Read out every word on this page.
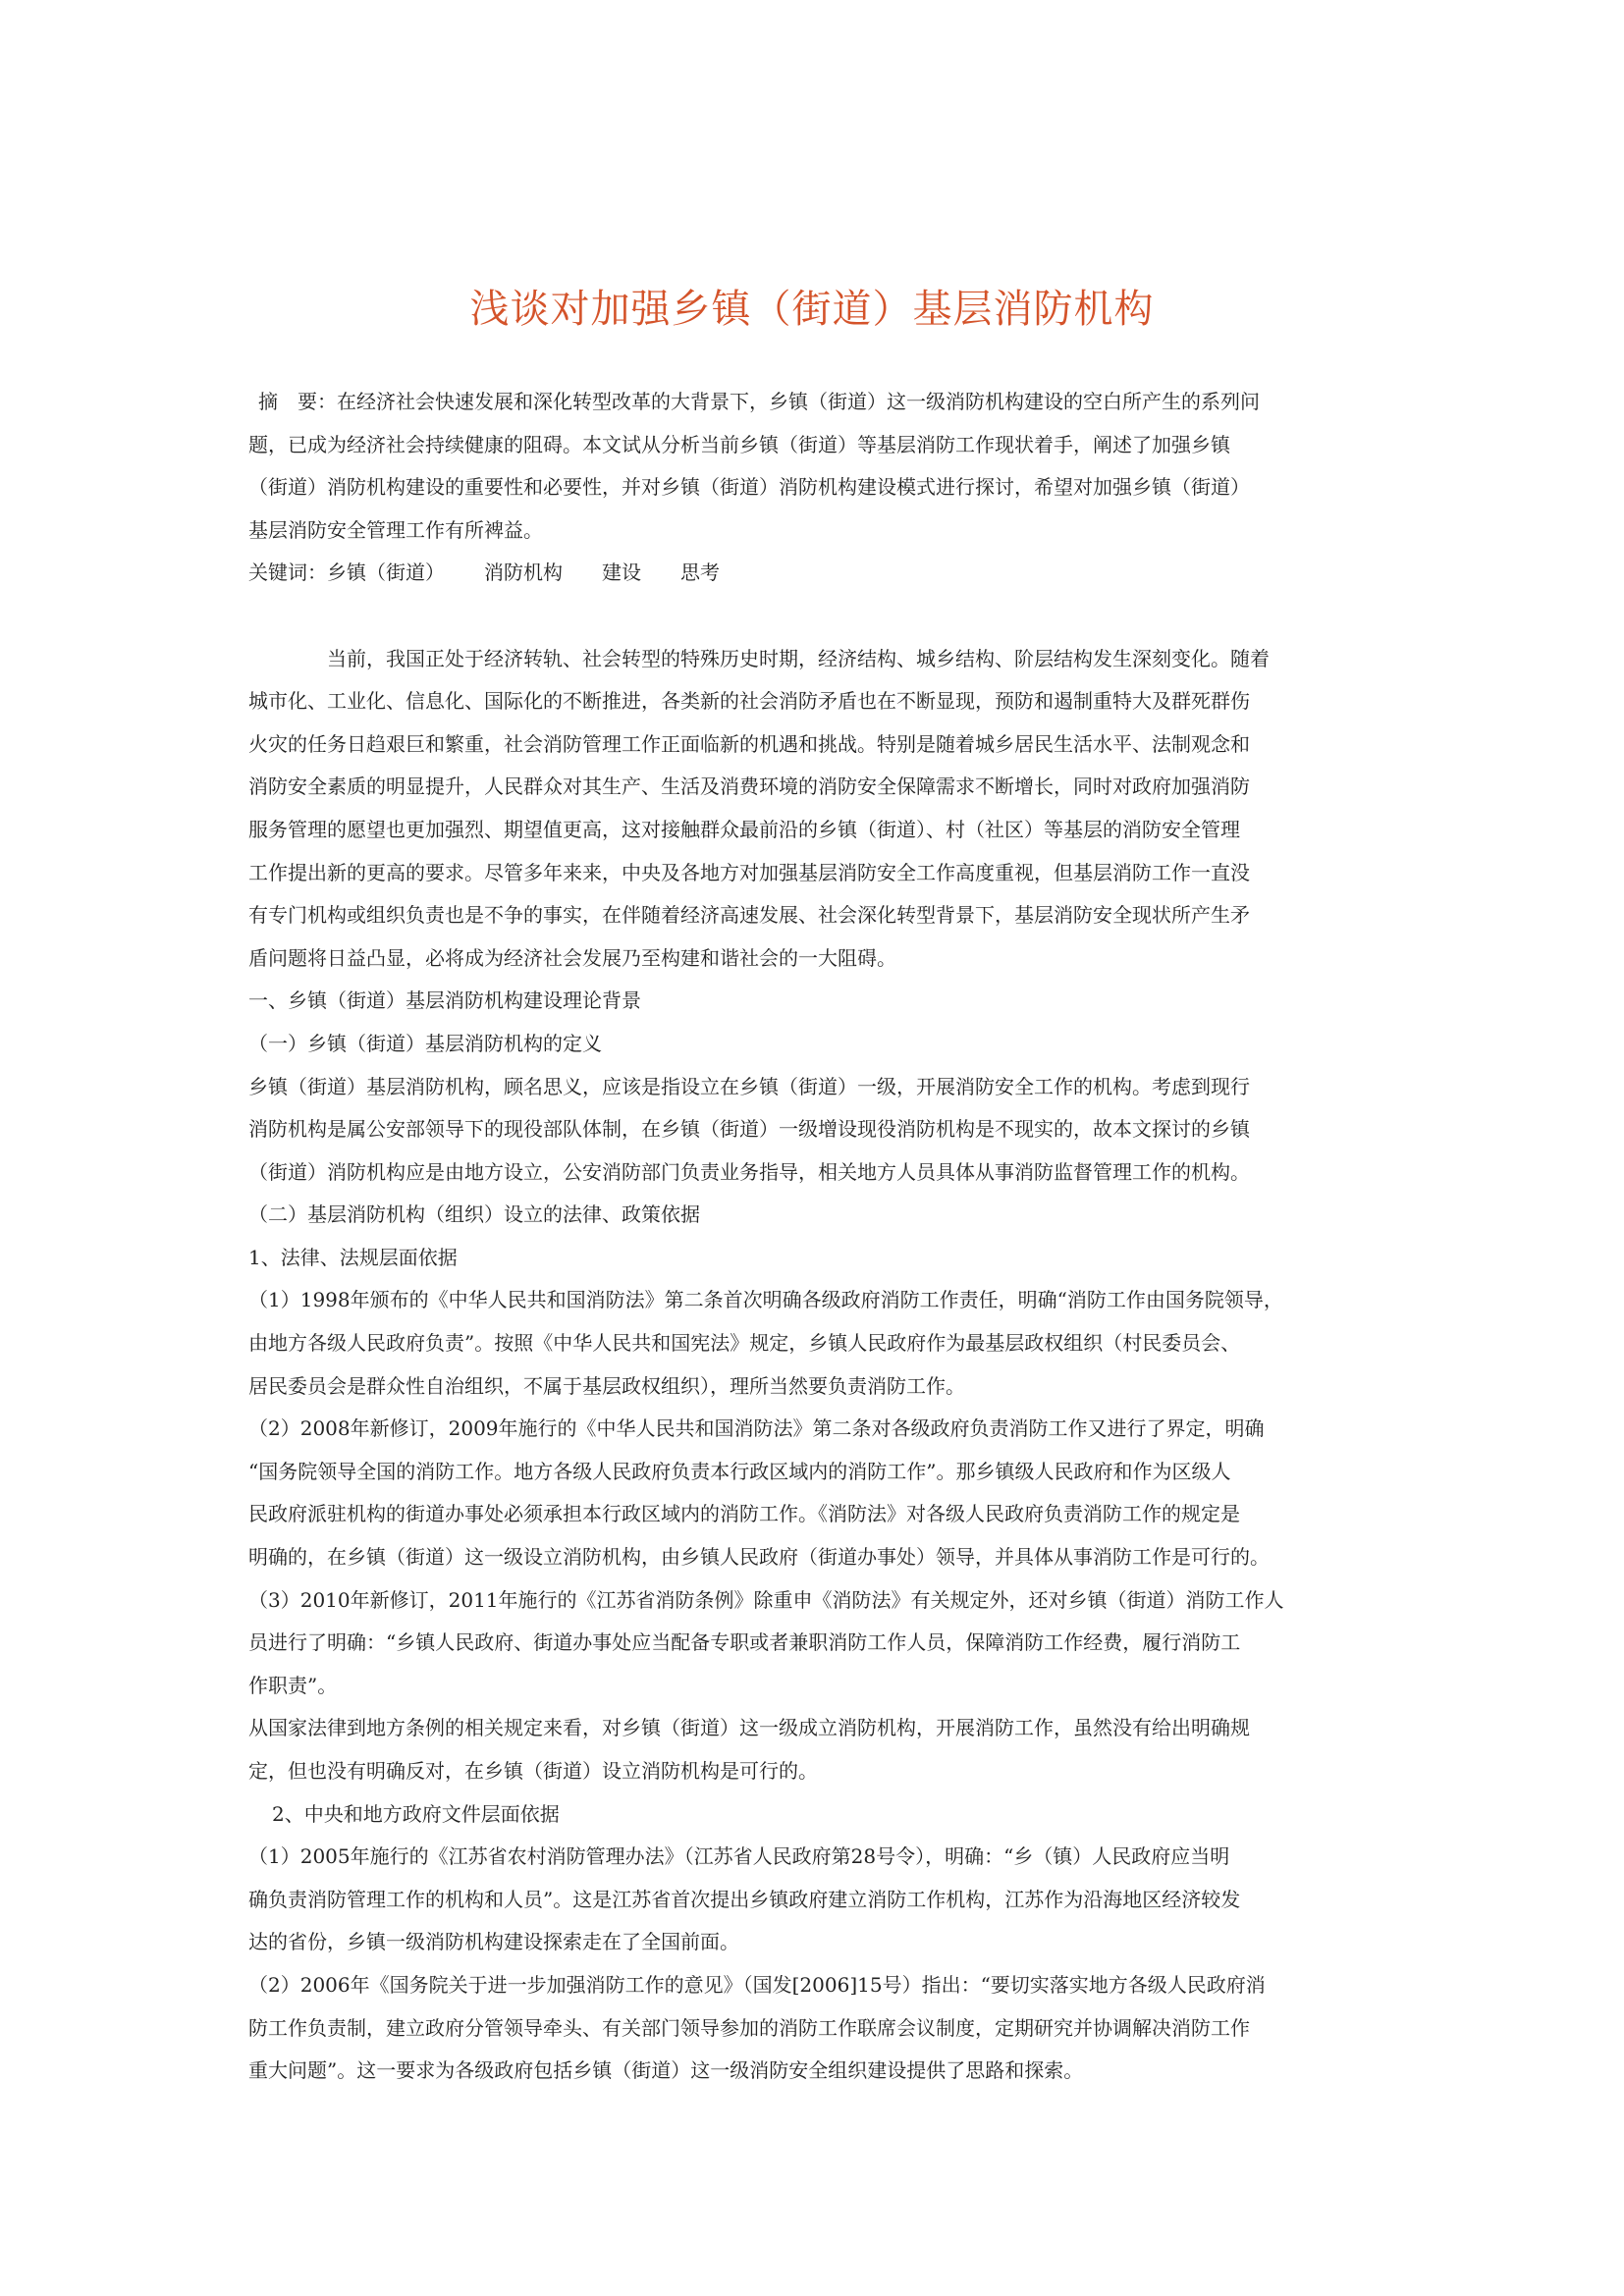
浅谈对加强乡镇（街道）基层消防机构
摘　要：在经济社会快速发展和深化转型改革的大背景下，乡镇（街道）这一级消防机构建设的空白所产生的系列问
题，已成为经济社会持续健康的阻碍。本文试从分析当前乡镇（街道）等基层消防工作现状着手，阐述了加强乡镇
（街道）消防机构建设的重要性和必要性，并对乡镇（街道）消防机构建设模式进行探讨，希望对加强乡镇（街道）
基层消防安全管理工作有所裨益。
关键词：乡镇（街道） 消防机构 建设 思考
当前，我国正处于经济转轨、社会转型的特殊历史时期，经济结构、城乡结构、阶层结构发生深刻变化。随着
城市化、工业化、信息化、国际化的不断推进，各类新的社会消防矛盾也在不断显现，预防和遏制重特大及群死群伤
火灾的任务日趋艰巨和繁重，社会消防管理工作正面临新的机遇和挑战。特别是随着城乡居民生活水平、法制观念和
消防安全素质的明显提升，人民群众对其生产、生活及消费环境的消防安全保障需求不断增长，同时对政府加强消防
服务管理的愿望也更加强烈、期望值更高，这对接触群众最前沿的乡镇（街道）、村（社区）等基层的消防安全管理
工作提出新的更高的要求。尽管多年来来，中央及各地方对加强基层消防安全工作高度重视，但基层消防工作一直没
有专门机构或组织负责也是不争的事实，在伴随着经济高速发展、社会深化转型背景下，基层消防安全现状所产生矛
盾问题将日益凸显，必将成为经济社会发展乃至构建和谐社会的一大阻碍。
一、乡镇（街道）基层消防机构建设理论背景
（一）乡镇（街道）基层消防机构的定义
乡镇（街道）基层消防机构，顾名思义，应该是指设立在乡镇（街道）一级，开展消防安全工作的机构。考虑到现行
消防机构是属公安部领导下的现役部队体制，在乡镇（街道）一级增设现役消防机构是不现实的，故本文探讨的乡镇
（街道）消防机构应是由地方设立，公安消防部门负责业务指导，相关地方人员具体从事消防监督管理工作的机构。
（二）基层消防机构（组织）设立的法律、政策依据
1、法律、法规层面依据
（1）1998年颁布的《中华人民共和国消防法》第二条首次明确各级政府消防工作责任，明确“消防工作由国务院领导，
由地方各级人民政府负责”。按照《中华人民共和国宪法》规定，乡镇人民政府作为最基层政权组织（村民委员会、
居民委员会是群众性自治组织，不属于基层政权组织），理所当然要负责消防工作。
（2）2008年新修订，2009年施行的《中华人民共和国消防法》第二条对各级政府负责消防工作又进行了界定，明确
“国务院领导全国的消防工作。地方各级人民政府负责本行政区域内的消防工作”。那乡镇级人民政府和作为区级人
民政府派驻机构的街道办事处必须承担本行政区域内的消防工作。《消防法》对各级人民政府负责消防工作的规定是
明确的，在乡镇（街道）这一级设立消防机构，由乡镇人民政府（街道办事处）领导，并具体从事消防工作是可行的。
（3）2010年新修订，2011年施行的《江苏省消防条例》除重申《消防法》有关规定外，还对乡镇（街道）消防工作人
员进行了明确：“乡镇人民政府、街道办事处应当配备专职或者兼职消防工作人员，保障消防工作经费，履行消防工
作职责”。
从国家法律到地方条例的相关规定来看，对乡镇（街道）这一级成立消防机构，开展消防工作，虽然没有给出明确规
定，但也没有明确反对，在乡镇（街道）设立消防机构是可行的。
2、中央和地方政府文件层面依据
（1）2005年施行的《江苏省农村消防管理办法》（江苏省人民政府第28号令），明确：“乡（镇）人民政府应当明
确负责消防管理工作的机构和人员”。这是江苏省首次提出乡镇政府建立消防工作机构，江苏作为沿海地区经济较发
达的省份，乡镇一级消防机构建设探索走在了全国前面。
（2）2006年《国务院关于进一步加强消防工作的意见》（国发[2006]15号）指出：“要切实落实地方各级人民政府消
防工作负责制，建立政府分管领导牵头、有关部门领导参加的消防工作联席会议制度，定期研究并协调解决消防工作
重大问题”。这一要求为各级政府包括乡镇（街道）这一级消防安全组织建设提供了思路和探索。
